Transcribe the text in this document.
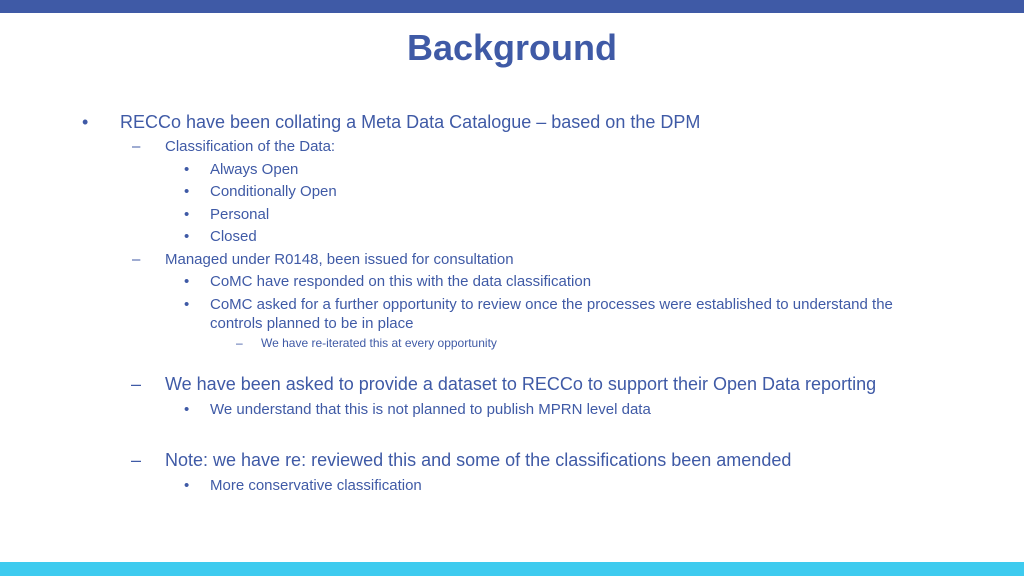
Background
• RECCo have been collating a Meta Data Catalogue – based on the DPM
– Classification of the Data:
• Always Open
• Conditionally Open
• Personal
• Closed
– Managed under R0148, been issued for consultation
• CoMC have responded on this with the data classification
• CoMC asked for a further opportunity to review once the processes were established to understand the
controls planned to be in place
– We have re-iterated this at every opportunity
– We have been asked to provide a dataset to RECCo to support their Open Data reporting
• We understand that this is not planned to publish MPRN level data
– Note: we have re: reviewed this and some of the classifications been amended
• More conservative classification
